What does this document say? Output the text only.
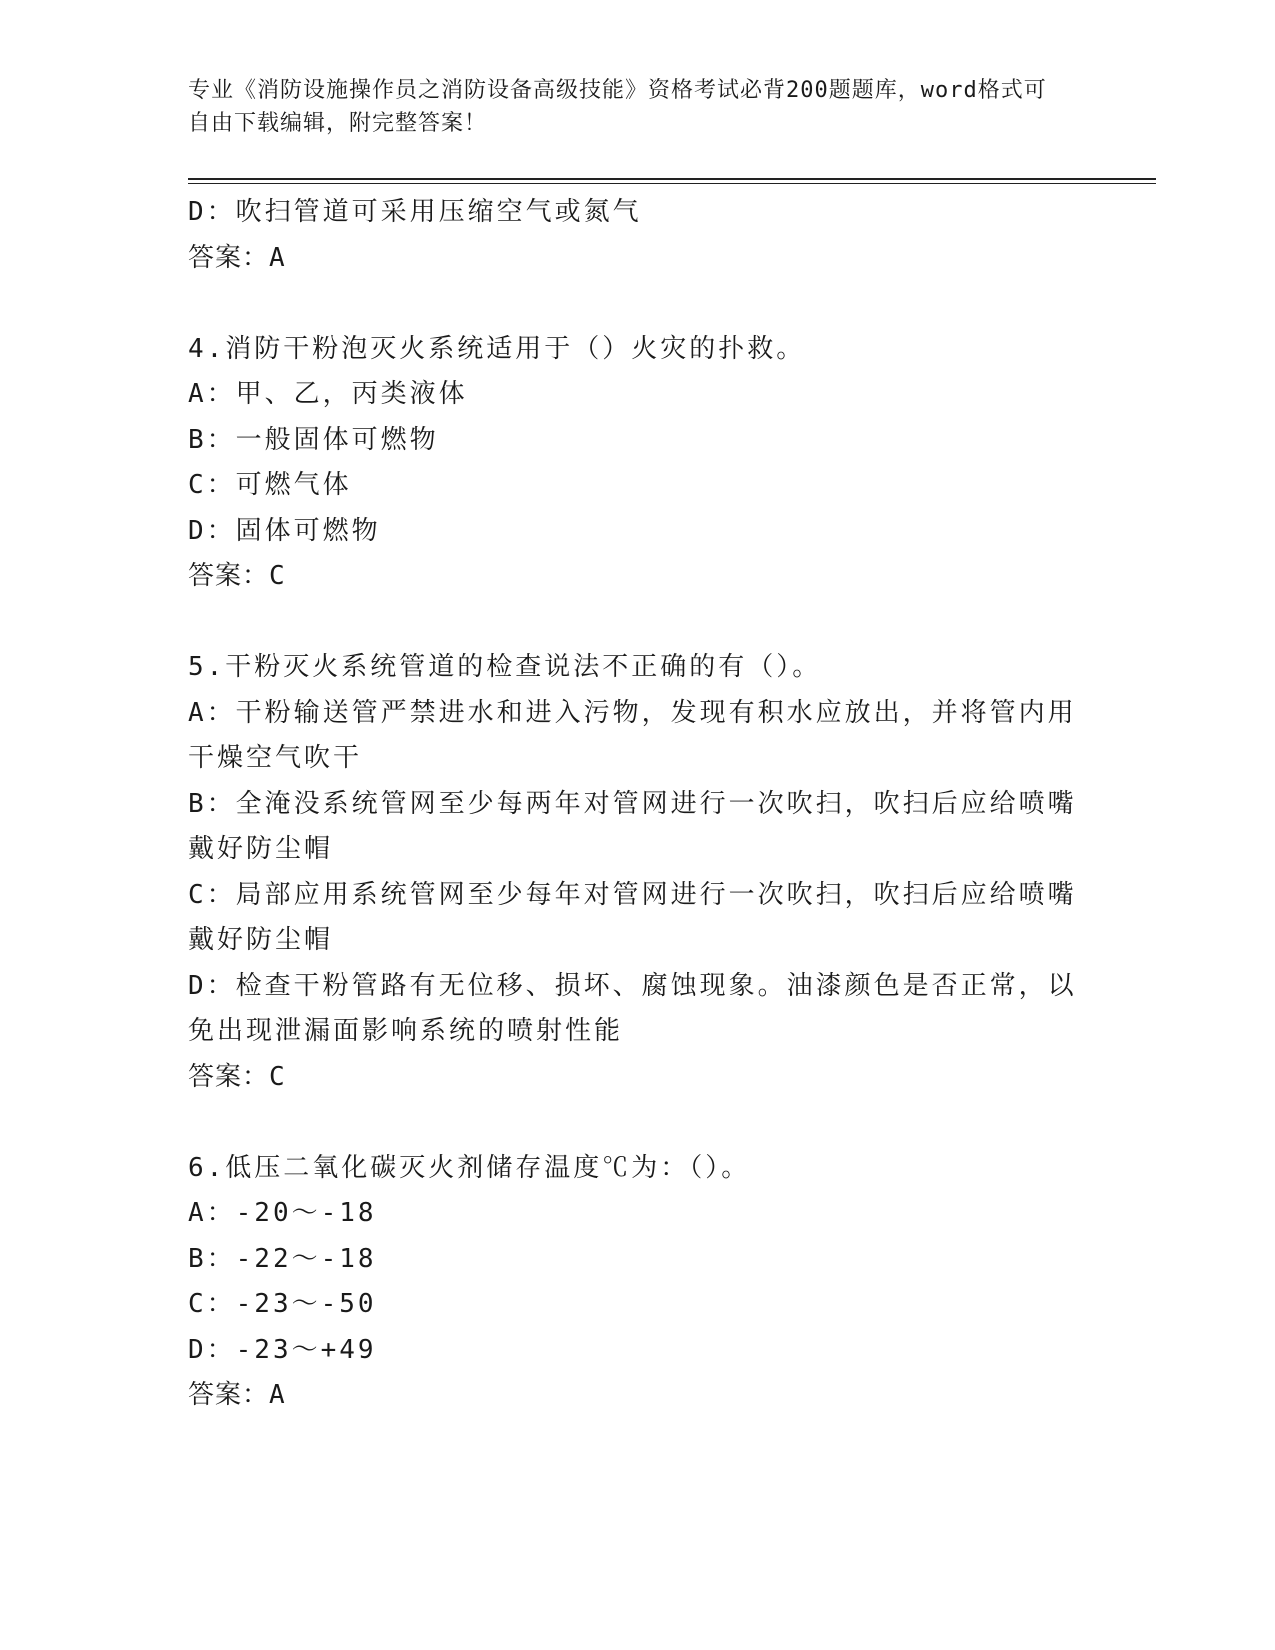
专业《消防设施操作员之消防设备高级技能》资格考试必背200题题库，word格式可自由下载编辑，附完整答案！
D：吹扫管道可采用压缩空气或氮气
答案：A
4.消防干粉泡灭火系统适用于（）火灾的扑救。
A：甲、乙，丙类液体
B：一般固体可燃物
C：可燃气体
D：固体可燃物
答案：C
5.干粉灭火系统管道的检查说法不正确的有（）。
A：干粉输送管严禁进水和进入污物，发现有积水应放出，并将管内用干燥空气吹干
B：全淹没系统管网至少每两年对管网进行一次吹扫，吹扫后应给喷嘴戴好防尘帽
C：局部应用系统管网至少每年对管网进行一次吹扫，吹扫后应给喷嘴戴好防尘帽
D：检查干粉管路有无位移、损坏、腐蚀现象。油漆颜色是否正常，以免出现泄漏面影响系统的喷射性能
答案：C
6.低压二氧化碳灭火剂储存温度℃为：（）。
A：-20～-18
B：-22～-18
C：-23～-50
D：-23～+49
答案：A
